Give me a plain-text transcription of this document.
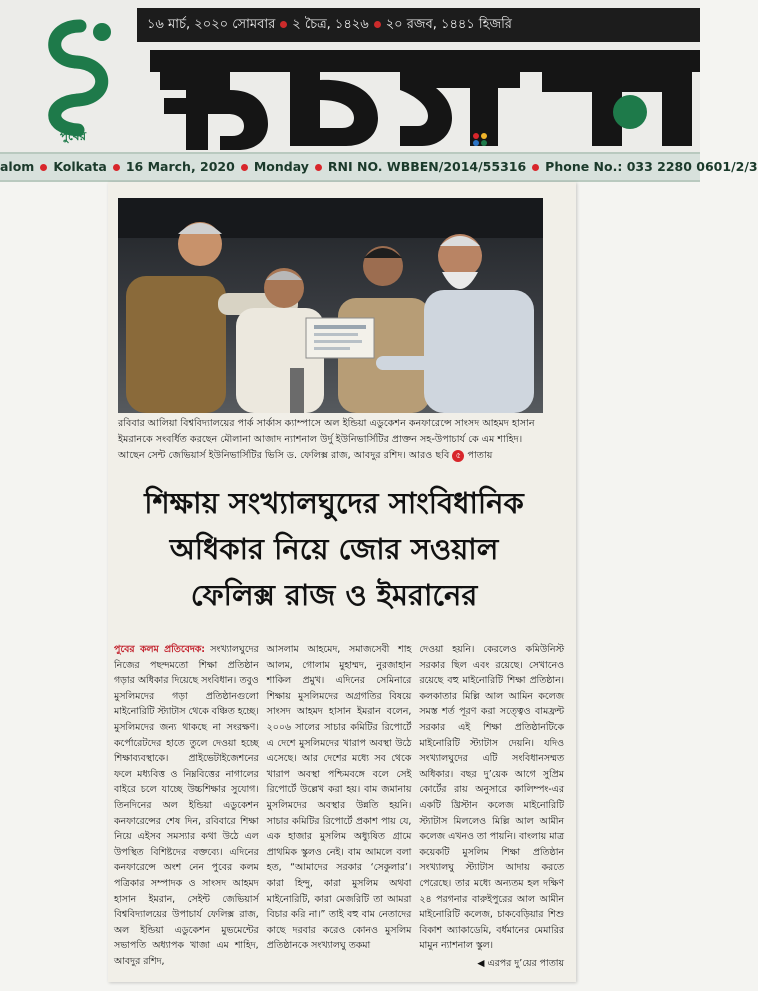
পুবের
১৬ মার্চ, ২০২০ সোমবার ২ চৈত্র, ১৪২৬ ২০ রজব, ১৪৪১ হিজরি
alom Kolkata 16 March, 2020 Monday RNI NO. WBBEN/2014/55316 Phone No.: 033 2280 0601/2/3
রবিবার আলিয়া বিশ্ববিদ্যালয়ের পার্ক সার্কাস ক্যাম্পাসে অল ইন্ডিয়া এডুকেশন কনফারেন্সে সাংসদ আহমদ হাসান ইমরানকে সংবর্ধিত করছেন মৌলানা আজাদ ন্যাশনাল উর্দু ইউনিভার্সিটির প্রাক্তন সহ-উপাচার্য কে এম শাহিদ। আছেন সেন্ট জেভিয়ার্স ইউনিভার্সিটির ভিসি ড. ফেলিক্স রাজ, আবদুর রশিদ। আরও ছবি ৫ পাতায়
শিক্ষায় সংখ্যালঘুদের সাংবিধানিক
অধিকার নিয়ে জোর সওয়াল
ফেলিক্স রাজ ও ইমরানের
পুবের কলম প্রতিবেদক: সংখ্যালঘুদের নিজের পছন্দমতো শিক্ষা প্রতিষ্ঠান গড়ার অধিকার দিয়েছে সংবিধান। তবুও মুসলিমদের গড়া প্রতিষ্ঠানগুলো মাইনোরিটি স্ট্যাটাস থেকে বঞ্চিত হচ্ছে। মুসলিমদের জন্য থাকছে না সংরক্ষণ। কর্পোরেটদের হাতে তুলে দেওয়া হচ্ছে শিক্ষাব্যবস্থাকে। প্রাইভেটাইজেশনের ফলে মধ্যবিত্ত ও নিম্নবিত্তের নাগালের বাইরে চলে যাচ্ছে উচ্চশিক্ষার সুযোগ। তিনদিনের অল ইন্ডিয়া এডুকেশন কনফারেন্সের শেষ দিন, রবিবারে শিক্ষা নিয়ে এইসব সমস্যার কথা উঠে এল উপস্থিত বিশিষ্টদের বক্তব্যে। এদিনের কনফারেন্সে অংশ নেন পুবের কলম পত্রিকার সম্পাদক ও সাংসদ আহমদ হাসান ইমরান, সেইন্ট জেভিয়ার্স বিশ্ববিদ্যালয়ের উপাচার্য ফেলিক্স রাজ, অল ইন্ডিয়া এডুকেশন মুভমেন্টের সভাপতি অধ্যাপক খাজা এম শাহিদ, আবদুর রশিদ,
আসলাম আহমেদ, সমাজসেবী শাহ আলম, গোলাম মুহাম্মদ, নুরজাহান শাকিল প্রমুখ। এদিনের সেমিনারে শিক্ষায় মুসলিমদের অগ্রগতির বিষয়ে সাংসদ আহমদ হাসান ইমরান বলেন, ২০০৬ সালের সাচার কমিটির রিপোর্টে এ দেশে মুসলিমদের খারাপ অবস্থা উঠে এসেছে। আর দেশের মধ্যে সব থেকে খারাপ অবস্থা পশ্চিমবঙ্গে বলে সেই রিপোর্টে উল্লেখ করা হয়। বাম জমানায় মুসলিমদের অবস্থার উন্নতি হয়নি। সাচার কমিটির রিপোর্টে প্রকাশ পায় যে, এক হাজার মুসলিম অধ্যুষিত গ্রামে প্রাথমিক স্কুলও নেই। বাম আমলে বলা হত, “আমাদের সরকার ‘সেকুলার’। কারা হিন্দু, কারা মুসলিম অথবা মাইনোরিটি, কারা মেজরিটি তা আমরা বিচার করি না।” তাই বহু বাম নেতাদের কাছে দরবার করেও কোনও মুসলিম প্রতিষ্ঠানকে সংখ্যালঘু তকমা
দেওয়া হয়নি। কেরলেও কমিউনিস্ট সরকার ছিল এবং রয়েছে। সেখানেও রয়েছে বহু মাইনোরিটি শিক্ষা প্রতিষ্ঠান। কলকাতার মিল্লি আল আমিন কলেজ সমস্ত শর্ত পূরণ করা সত্ত্বেও বামফ্রন্ট সরকার এই শিক্ষা প্রতিষ্ঠানটিকে মাইনোরিটি স্ট্যাটাস দেয়নি। যদিও সংখ্যালঘুদের এটি সংবিধানসম্মত অধিকার। বছর দু’য়েক আগে সুপ্রিম কোর্টের রায় অনুসারে কালিম্পং-এর একটি খ্রিস্টান কলেজ মাইনোরিটি স্ট্যাটাস মিললেও মিল্লি আল আমীন কলেজ এখনও তা পায়নি। বাংলায় মাত্র কয়েকটি মুসলিম শিক্ষা প্রতিষ্ঠান সংখ্যালঘু স্ট্যাটাস আদায় করতে পেরেছে। তার মধ্যে অন্যতম হল দক্ষিণ ২৪ পরগনার বারুইপুরের আল আমীন মাইনোরিটি কলেজ, চাকবেড়িয়ার শিশু বিকাশ অ্যাকাডেমি, বর্ধমানের মেমারির মামুন ন্যাশনাল স্কুল।
◀ এরপর দু’য়ের পাতায়
